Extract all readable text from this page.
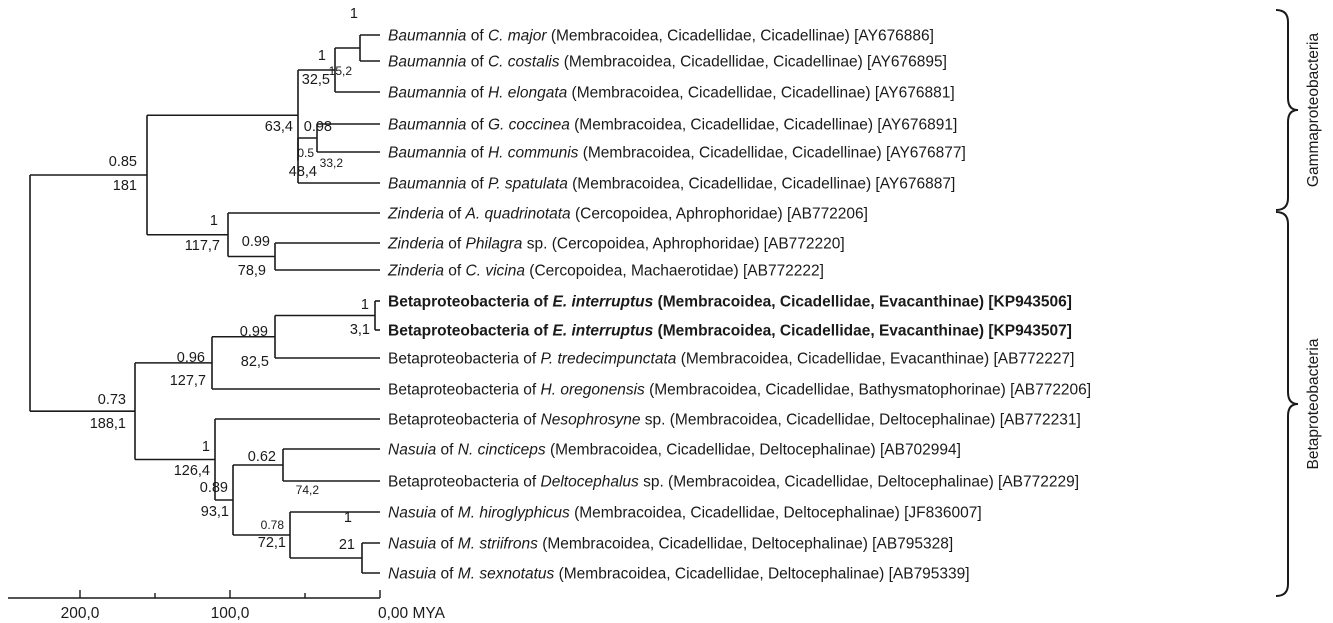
Baumannia of C. major (Membracoidea, Cicadellidae, Cicadellinae) [AY676886]
Baumannia of C. costalis (Membracoidea, Cicadellidae, Cicadellinae) [AY676895]
Baumannia of H. elongata (Membracoidea, Cicadellidae, Cicadellinae) [AY676881]
Baumannia of G. coccinea (Membracoidea, Cicadellidae, Cicadellinae) [AY676891]
Baumannia of H. communis (Membracoidea, Cicadellidae, Cicadellinae) [AY676877]
Baumannia of P. spatulata (Membracoidea, Cicadellidae, Cicadellinae) [AY676887]
Zinderia of A. quadrinotata (Cercopoidea, Aphrophoridae) [AB772206]
Zinderia of Philagra sp. (Cercopoidea, Aphrophoridae) [AB772220]
Zinderia of C. vicina (Cercopoidea, Machaerotidae) [AB772222]
Betaproteobacteria of E. interruptus (Membracoidea, Cicadellidae, Evacanthinae) [KP943506]
Betaproteobacteria of E. interruptus (Membracoidea, Cicadellidae, Evacanthinae) [KP943507]
Betaproteobacteria of P. tredecimpunctata (Membracoidea, Cicadellidae, Evacanthinae) [AB772227]
Betaproteobacteria of H. oregonensis (Membracoidea, Cicadellidae, Bathysmatophorinae) [AB772206]
Betaproteobacteria of Nesophrosyne sp. (Membracoidea, Cicadellidae, Deltocephalinae) [AB772231]
Nasuia of N. cincticeps (Membracoidea, Cicadellidae, Deltocephalinae) [AB702994]
Betaproteobacteria of Deltocephalus sp. (Membracoidea, Cicadellidae, Deltocephalinae) [AB772229]
Nasuia of M. hiroglyphicus (Membracoidea, Cicadellidae, Deltocephalinae) [JF836007]
Nasuia of M. striifrons (Membracoidea, Cicadellidae, Deltocephalinae) [AB795328]
Nasuia of M. sexnotatus (Membracoidea, Cicadellidae, Deltocephalinae) [AB795339]
1
1
32,5
15,2
0.98
33,2
0.5
48,4
63,4
0.99
78,9
1
117,7
0.85
181
1
3,1
0.99
82,5
0.96
127,7
0.62
74,2
1
21
0.78
72,1
0.89
93,1
1
126,4
0.73
188,1
200,0	100,0	0,00 MYA
Gammaproteobacteria
Betaproteobacteria
